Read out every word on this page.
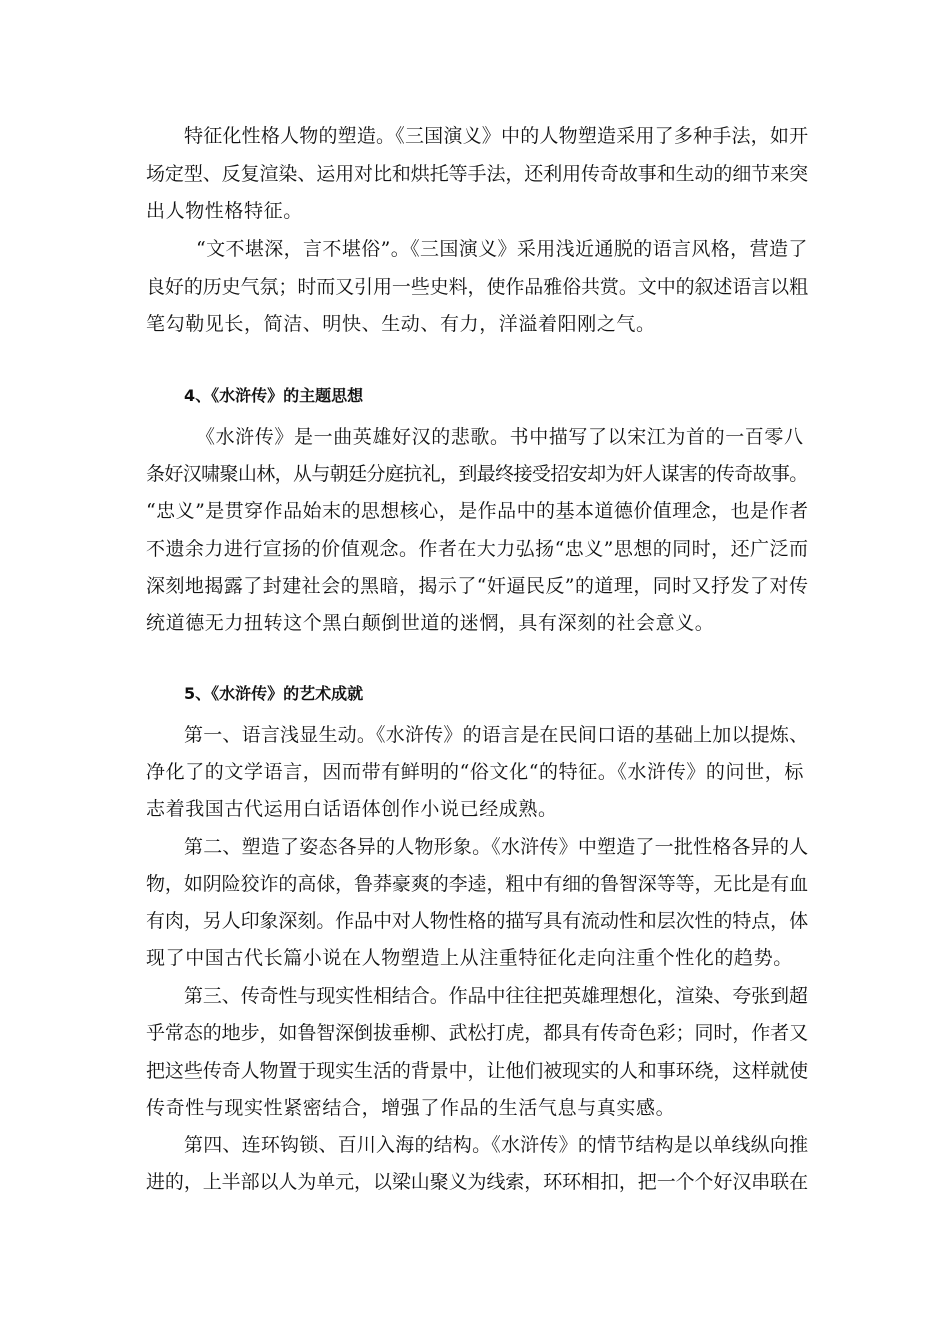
特征化性格人物的塑造。《三国演义》中的人物塑造采用了多种手法，如开

场定型、反复渲染、运用对比和烘托等手法，还利用传奇故事和生动的细节来突

出人物性格特征。

“文不堪深，言不堪俗”。《三国演义》采用浅近通脱的语言风格，营造了

良好的历史气氛；时而又引用一些史料，使作品雅俗共赏。文中的叙述语言以粗

笔勾勒见长，简洁、明快、生动、有力，洋溢着阳刚之气。

4、《水浒传》的主题思想

《水浒传》是一曲英雄好汉的悲歌。书中描写了以宋江为首的一百零八

条好汉啸聚山林，从与朝廷分庭抗礼，到最终接受招安却为奸人谋害的传奇故事。

“忠义”是贯穿作品始末的思想核心，是作品中的基本道德价值理念，也是作者

不遗余力进行宣扬的价值观念。作者在大力弘扬“忠义”思想的同时，还广泛而

深刻地揭露了封建社会的黑暗，揭示了“奸逼民反”的道理，同时又抒发了对传

统道德无力扭转这个黑白颠倒世道的迷惘，具有深刻的社会意义。

5、《水浒传》的艺术成就

第一、语言浅显生动。《水浒传》的语言是在民间口语的基础上加以提炼、

净化了的文学语言，因而带有鲜明的“俗文化“的特征。《水浒传》的问世，标

志着我国古代运用白话语体创作小说已经成熟。

第二、塑造了姿态各异的人物形象。《水浒传》中塑造了一批性格各异的人

物，如阴险狡诈的高俅，鲁莽豪爽的李逵，粗中有细的鲁智深等等，无比是有血

有肉，另人印象深刻。作品中对人物性格的描写具有流动性和层次性的特点，体

现了中国古代长篇小说在人物塑造上从注重特征化走向注重个性化的趋势。

第三、传奇性与现实性相结合。作品中往往把英雄理想化，渲染、夸张到超

乎常态的地步，如鲁智深倒拔垂柳、武松打虎，都具有传奇色彩；同时，作者又

把这些传奇人物置于现实生活的背景中，让他们被现实的人和事环绕，这样就使

传奇性与现实性紧密结合，增强了作品的生活气息与真实感。

第四、连环钩锁、百川入海的结构。《水浒传》的情节结构是以单线纵向推

进的，上半部以人为单元，以梁山聚义为线索，环环相扣，把一个个好汉串联在
